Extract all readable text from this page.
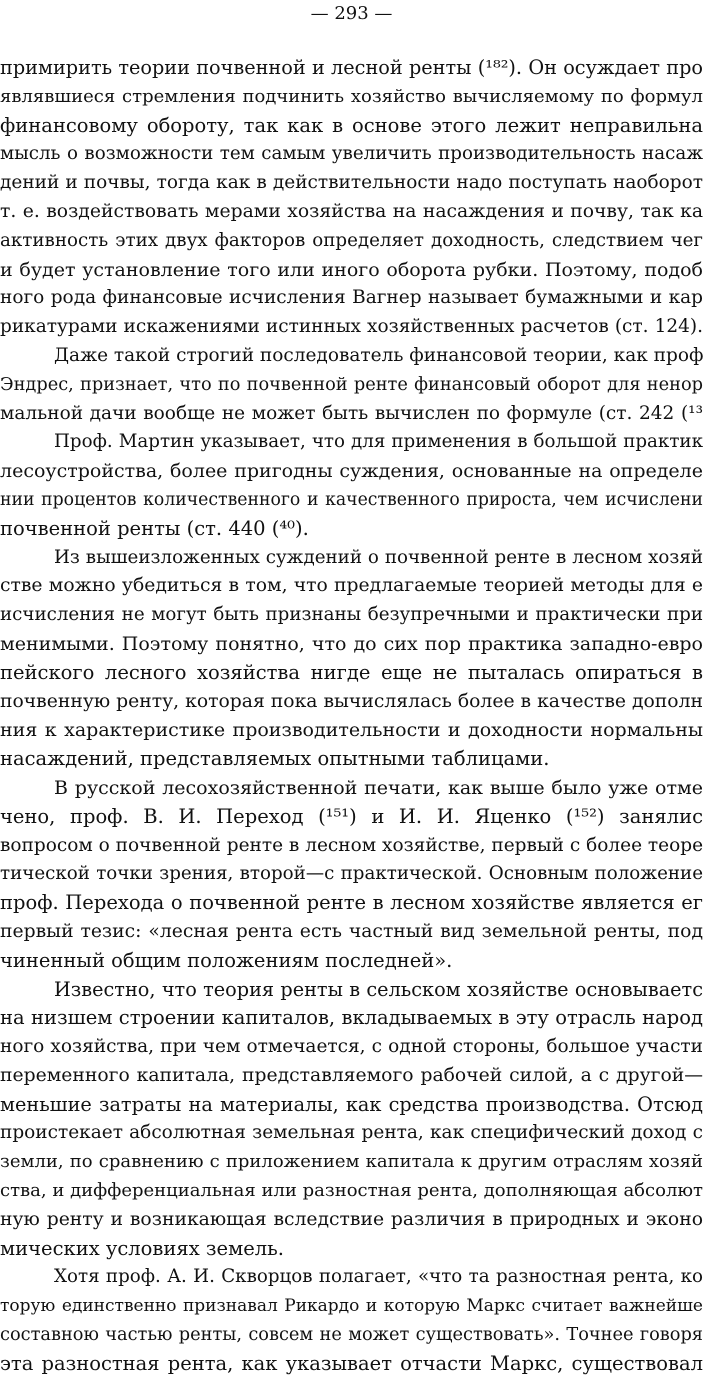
— 293 —
примирить теории почвенной и лесной ренты (¹⁸²). Он осуждает про
являвшиеся стремления подчинить хозяйство вычисляемому по формул
финансовому обороту, так как в основе этого лежит неправильна
мысль о возможности тем самым увеличить производительность насаж
дений и почвы, тогда как в действительности надо поступать наоборот
т. е. воздействовать мерами хозяйства на насаждения и почву, так ка
активность этих двух факторов определяет доходность, следствием чег
и будет установление того или иного оборота рубки. Поэтому, подоб
ного рода финансовые исчисления Вагнер называет бумажными и кар
рикатурами искажениями истинных хозяйственных расчетов (ст. 124).
Даже такой строгий последователь финансовой теории, как проф
Эндрес, признает, что по почвенной ренте финансовый оборот для ненор
мальной дачи вообще не может быть вычислен по формуле (ст. 242 (¹³
Проф. Мартин указывает, что для применения в большой практик
лесоустройства, более пригодны суждения, основанные на определе
нии процентов количественного и качественного прироста, чем исчислени
почвенной ренты (ст. 440 (⁴⁰).
Из вышеизложенных суждений о почвенной ренте в лесном хозяй
стве можно убедиться в том, что предлагаемые теорией методы для е
исчисления не могут быть признаны безупречными и практически при
менимыми. Поэтому понятно, что до сих пор практика западно-евро
пейского лесного хозяйства нигде еще не пыталась опираться в
почвенную ренту, которая пока вычислялась более в качестве дополн
ния к характеристике производительности и доходности нормальны
насаждений, представляемых опытными таблицами.
В русской лесохозяйственной печати, как выше было уже отме
чено, проф. В. И. Переход (¹⁵¹) и И. И. Яценко (¹⁵²) занялис
вопросом о почвенной ренте в лесном хозяйстве, первый с более теоре
тической точки зрения, второй—с практической. Основным положение
проф. Перехода о почвенной ренте в лесном хозяйстве является ег
первый тезис: «лесная рента есть частный вид земельной ренты, под
чиненный общим положениям последней».
Известно, что теория ренты в сельском хозяйстве основываетс
на низшем строении капиталов, вкладываемых в эту отрасль народ
ного хозяйства, при чем отмечается, с одной стороны, большое участи
переменного капитала, представляемого рабочей силой, а с другой—
меньшие затраты на материалы, как средства производства. Отсюд
проистекает абсолютная земельная рента, как специфический доход с
земли, по сравнению с приложением капитала к другим отраслям хозяй
ства, и дифференциальная или разностная рента, дополняющая абсолют
ную ренту и возникающая вследствие различия в природных и эконо
мических условиях земель.
Хотя проф. А. И. Скворцов полагает, «что та разностная рента, ко
торую единственно признавал Рикардо и которую Маркс считает важнейше
составною частью ренты, совсем не может существовать». Точнее говоря
эта разностная рента, как указывает отчасти Маркс, существовал
